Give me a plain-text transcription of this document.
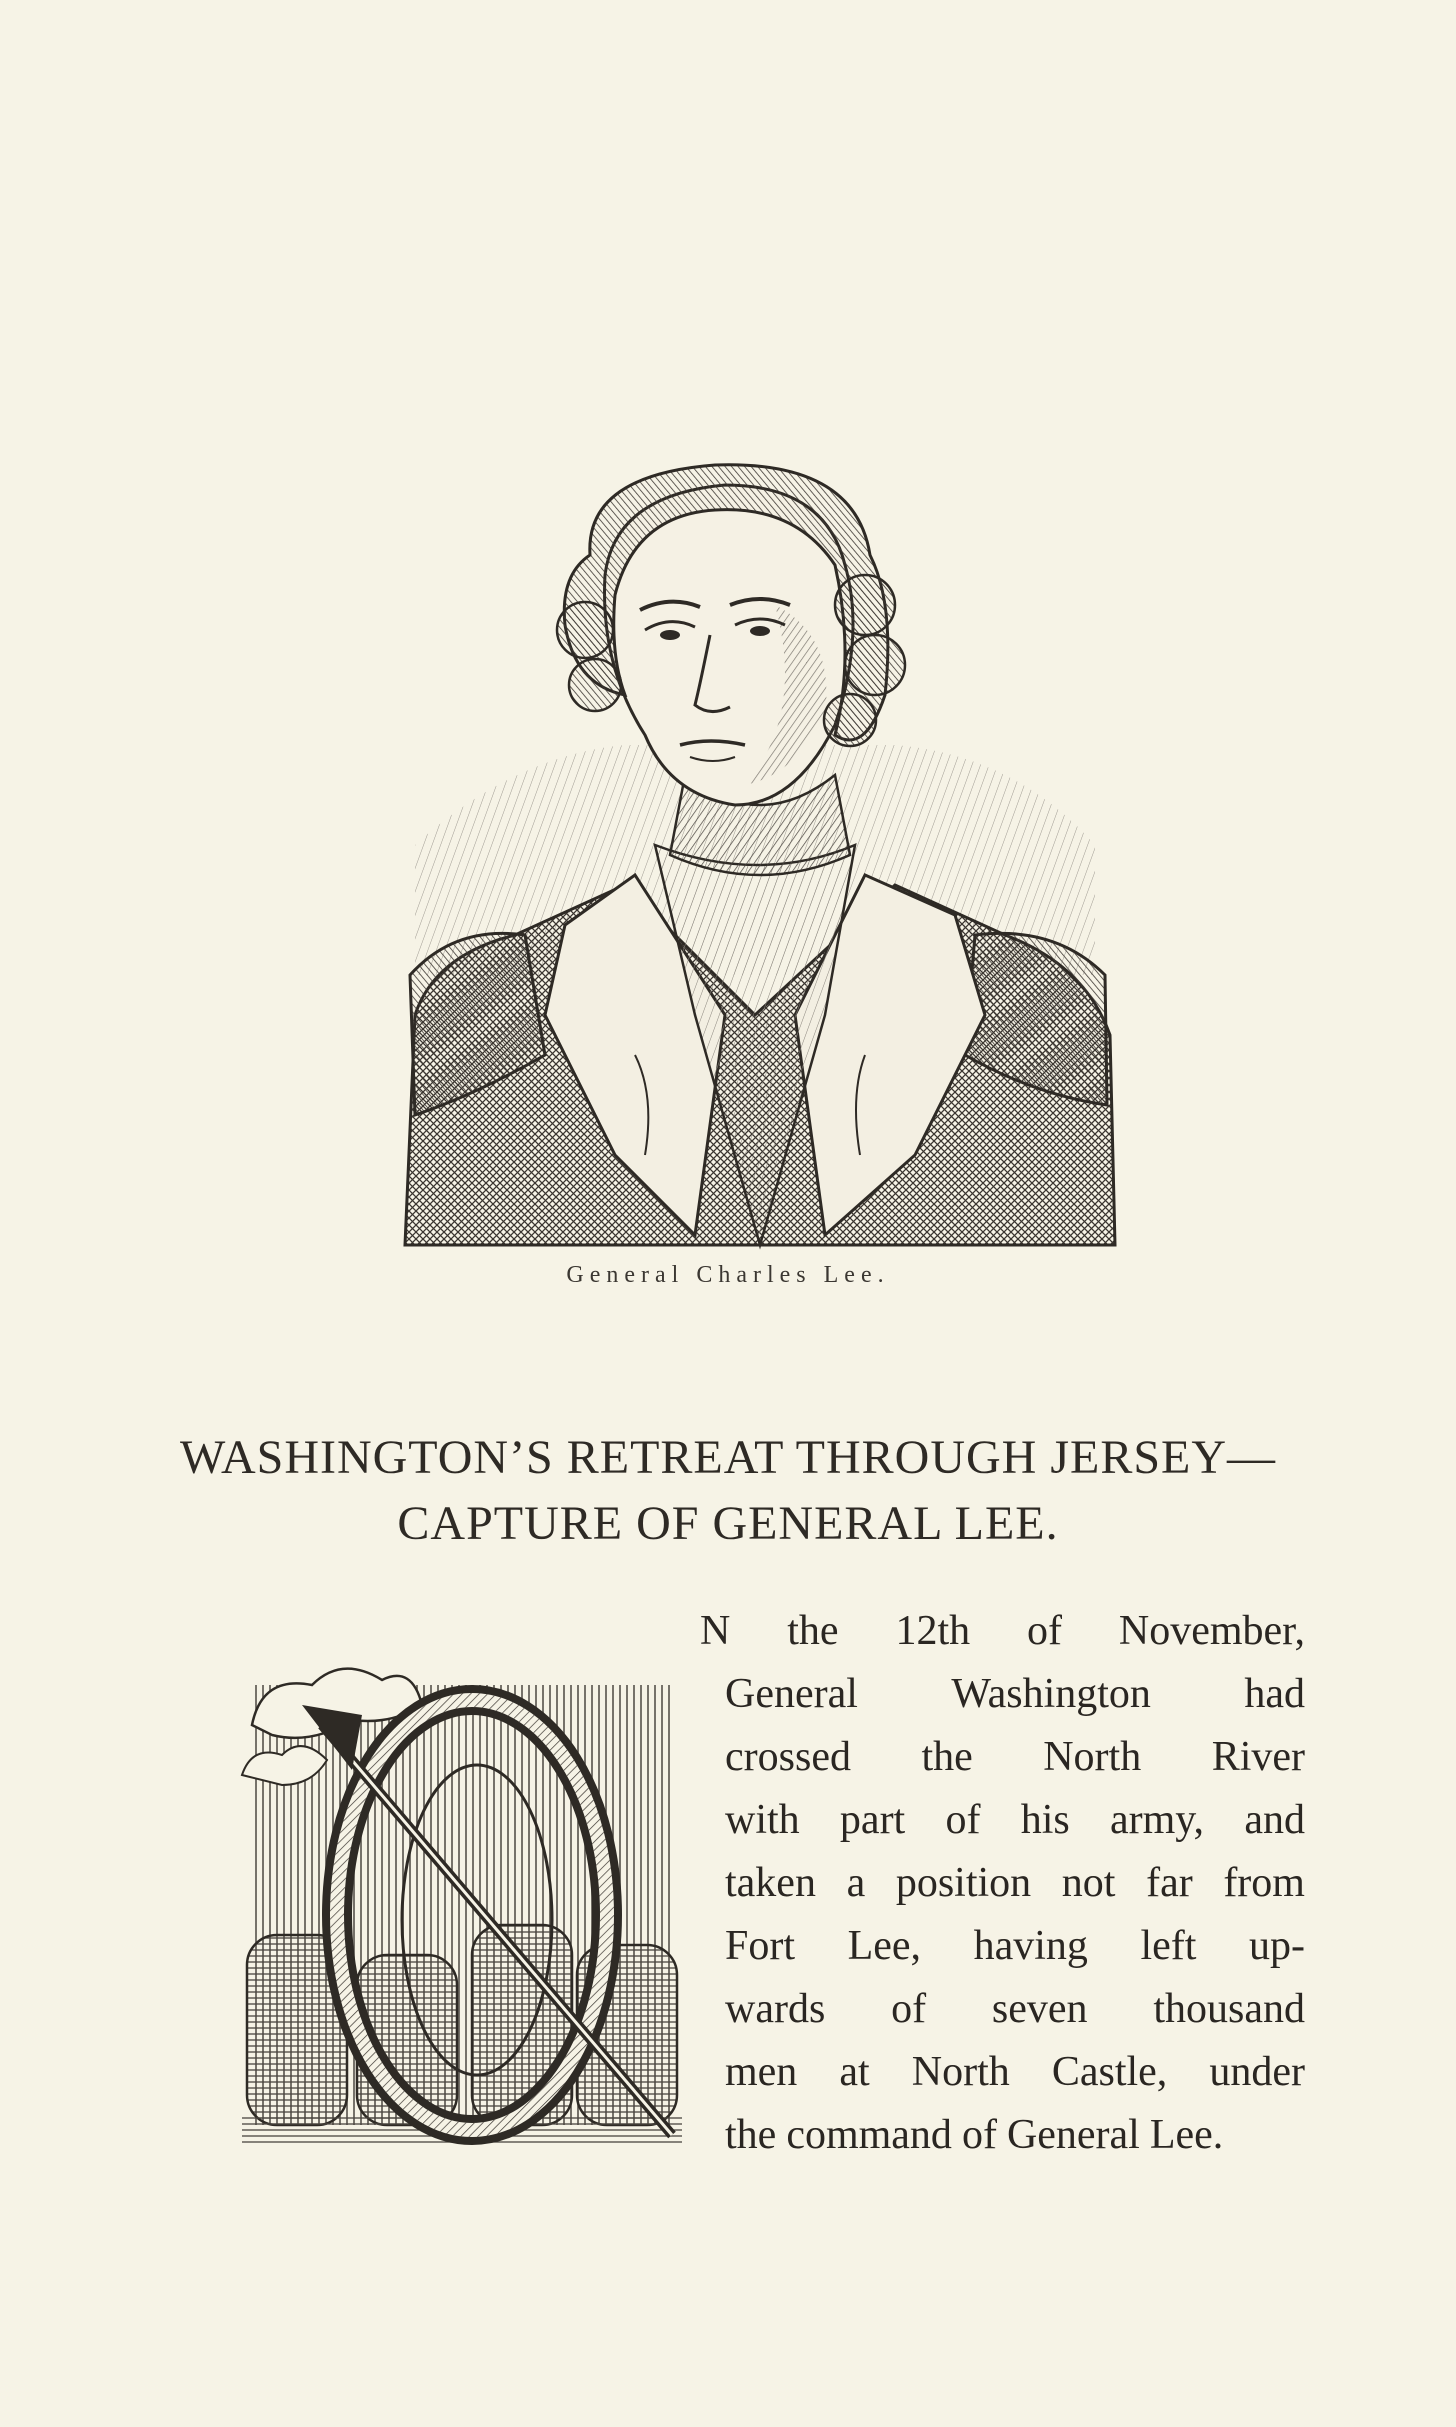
General Charles Lee.
WASHINGTON’S RETREAT THROUGH JERSEY—
CAPTURE OF GENERAL LEE.
N the 12th of November,
General Washington had
crossed the North River
with part of his army, and
taken a position not far from
Fort Lee, having left up-
wards of seven thousand
men at North Castle, under
the command of General Lee.
